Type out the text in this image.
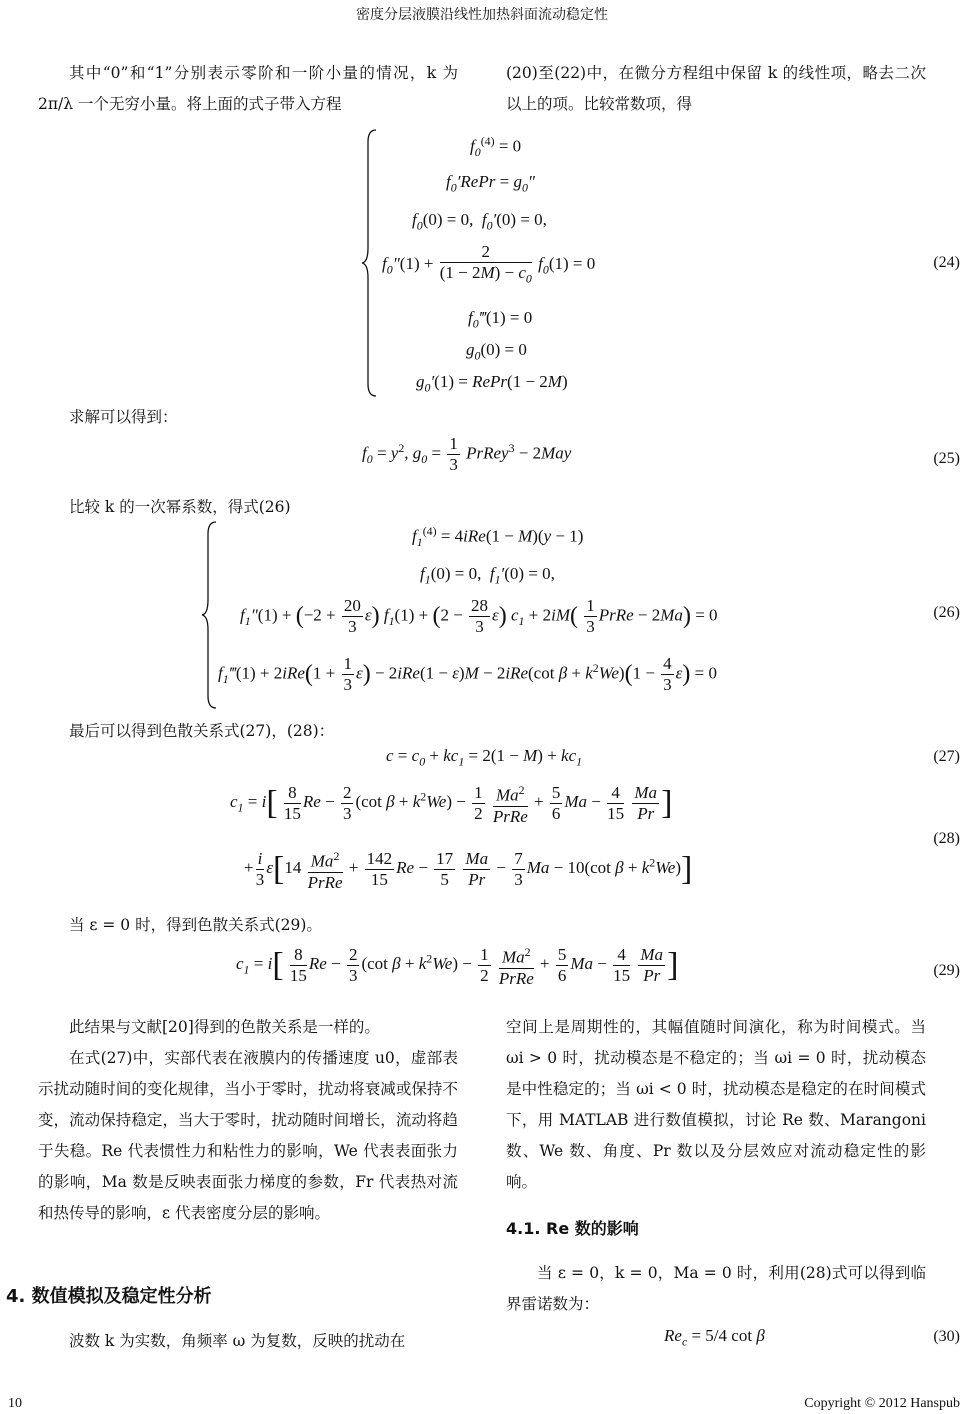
密度分层液膜沿线性加热斜面流动稳定性

其中“0”和“1”分别表示零阶和一阶小量的情况，k 为 2π/λ 一个无穷小量。将上面的式子带入方程

(20)至(22)中，在微分方程组中保留 k 的线性项，略去二次以上的项。比较常数项，得

$f_0^{(4)} = 0$
$f_0'RePr = g_0''$
$f_0(0) = 0$,  $f_0'(0) = 0$,
$f_0''(1) + \frac{2}{(1 - 2M) - c_0} f_0(1) = 0$
$f_0‴(1) = 0$
$g_0(0) = 0$
$g_0'(1)$ = RePr(1 − 2M)
(24)
求解可以得到：
$f_0 = y^2$, $g_0 = \frac{1}{3}$ PrRey$^3$ − 2May	(25)
比较 k 的一次幂系数，得式(26)
$f_1^{(4)} = 4iRe(1 - M)(y - 1)$
$f_1(0) = 0$,  $f_1'(0) = 0$,
$f_1''(1) + (-2 + \frac{20}{3} \varepsilon) f_1(1) + (2 - \frac{28}{3} \varepsilon) c_1 + 2iM( \frac{1}{3}$ PrRe − 2Ma) = 0
$f_1‴(1) + 2iRe(1 + \frac{1}{3} \varepsilon) - 2iRe(1 - \varepsilon)M - 2iRe(\cot$ $\beta + k^2We)(1 - \frac{4}{3} \varepsilon) = 0$
(26)
最后可以得到色散关系式(27)，(28)：
$c = c_0 + kc_1 = 2(1 - M) + kc_1$	(27)
$c_1 = i[ \frac{8}{15}$ $Re - \frac{2}{3} (\cot$ $\beta + k^2We) - \frac{1}{2}$
$\frac{Ma^2}{\text{PrRe}} + \frac{5}{6}$ $Ma - \frac{4}{15}$
$\frac{Ma}{Pr}$ ]
+ $\frac{i}{3} \varepsilon[14 \frac{Ma^2}{\text{PrRe}} + \frac{142}{15}$ $Re - \frac{17}{5}$
$\frac{Ma}{Pr} - \frac{7}{3}$ Ma − 10(cot $\beta + k^2We$)]
(28)
当 ε = 0 时，得到色散关系式(29)。
$c_1 = i[ \frac{8}{15}$ $Re - \frac{2}{3} (\cot$ $\beta + k^2We) - \frac{1}{2}$
$\frac{Ma^2}{\text{PrRe}} + \frac{5}{6}$ $Ma - \frac{4}{15}$
$\frac{Ma}{Pr}$ ]	(29)

此结果与文献[20]得到的色散关系是一样的。

在式(27)中，实部代表在液膜内的传播速度 u0，虚部表示扰动随时间的变化规律，当小于零时，扰动将衰减或保持不变，流动保持稳定，当大于零时，扰动随时间增长，流动将趋于失稳。Re 代表惯性力和粘性力的影响，We 代表表面张力的影响，Ma 数是反映表面张力梯度的参数，Fr 代表热对流和热传导的影响，ε 代表密度分层的影响。

4. 数值模拟及稳定性分析

波数 k 为实数，角频率 ω 为复数，反映的扰动在

空间上是周期性的，其幅值随时间演化，称为时间模式。当 ωi > 0 时，扰动模态是不稳定的；当 ωi = 0 时，扰动模态是中性稳定的；当 ωi < 0 时，扰动模态是稳定的在时间模式下，用 MATLAB 进行数值模拟，讨论 Re 数、Marangoni 数、We 数、角度、Pr 数以及分层效应对流动稳定性的影响。

4.1. Re 数的影响

当 ε = 0，k = 0，Ma = 0 时，利用(28)式可以得到临界雷诺数为：

$Re_c = 5/4$ cot β	(30)
10	Copyright © 2012 Hanspub
